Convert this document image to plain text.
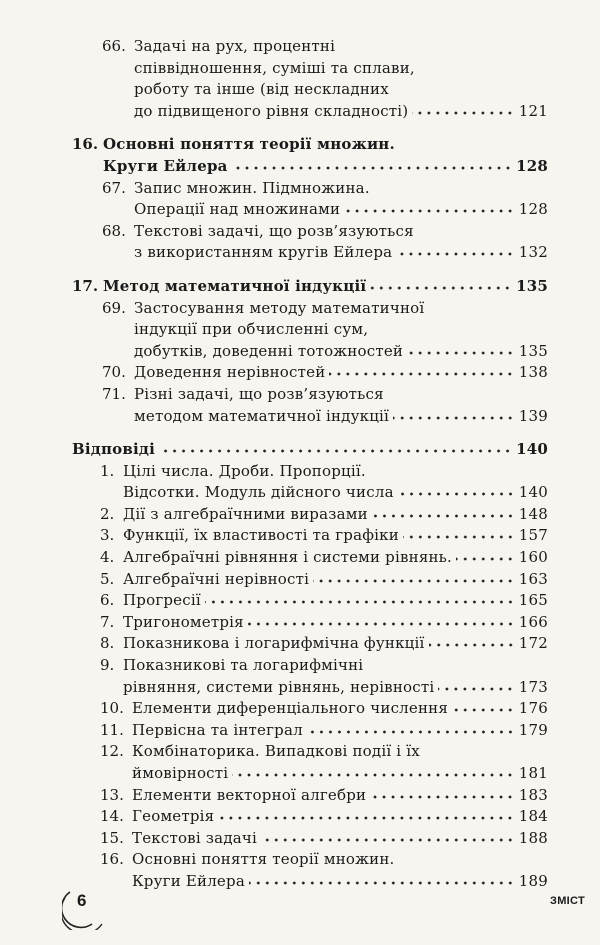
66. Задачі на рух, процентні
співвідношення, суміші та сплави,
роботу та інше (від нескладних
до підвищеного рівня складності)	121
16. Основні поняття теорії множин.
Круги Ейлера	128
67. Запис множин. Підмножина.
Операції над множинами	128
68. Текстові задачі, що розв’язуються
з використанням кругів Ейлера	132
17. Метод математичної індукції	135
69. Застосування методу математичної
індукції при обчисленні сум,
добутків, доведенні тотожностей	135
70. Доведення нерівностей	138
71. Різні задачі, що розв’язуються
методом математичної індукції	139
Відповіді	140
1. Цілі числа. Дроби. Пропорції.
Відсотки. Модуль дійсного числа	140
2. Дії з алгебраїчними виразами	148
3. Функції, їх властивості та графіки	157
4. Алгебраїчні рівняння і системи рівнянь.	160
5. Алгебраїчні нерівності	163
6. Прогресії	165
7. Тригонометрія	166
8. Показникова і логарифмічна функції	172
9. Показникові та логарифмічні
рівняння, системи рівнянь, нерівності	173
10. Елементи диференціального числення	176
11. Первісна та інтеграл	179
12. Комбінаторика. Випадкові події і їх
ймовірності	181
13. Елементи векторної алгебри	183
14. Геометрія	184
15. Текстові задачі	188
16. Основні поняття теорії множин.
Круги Ейлера	189
6	ЗМІСТ
